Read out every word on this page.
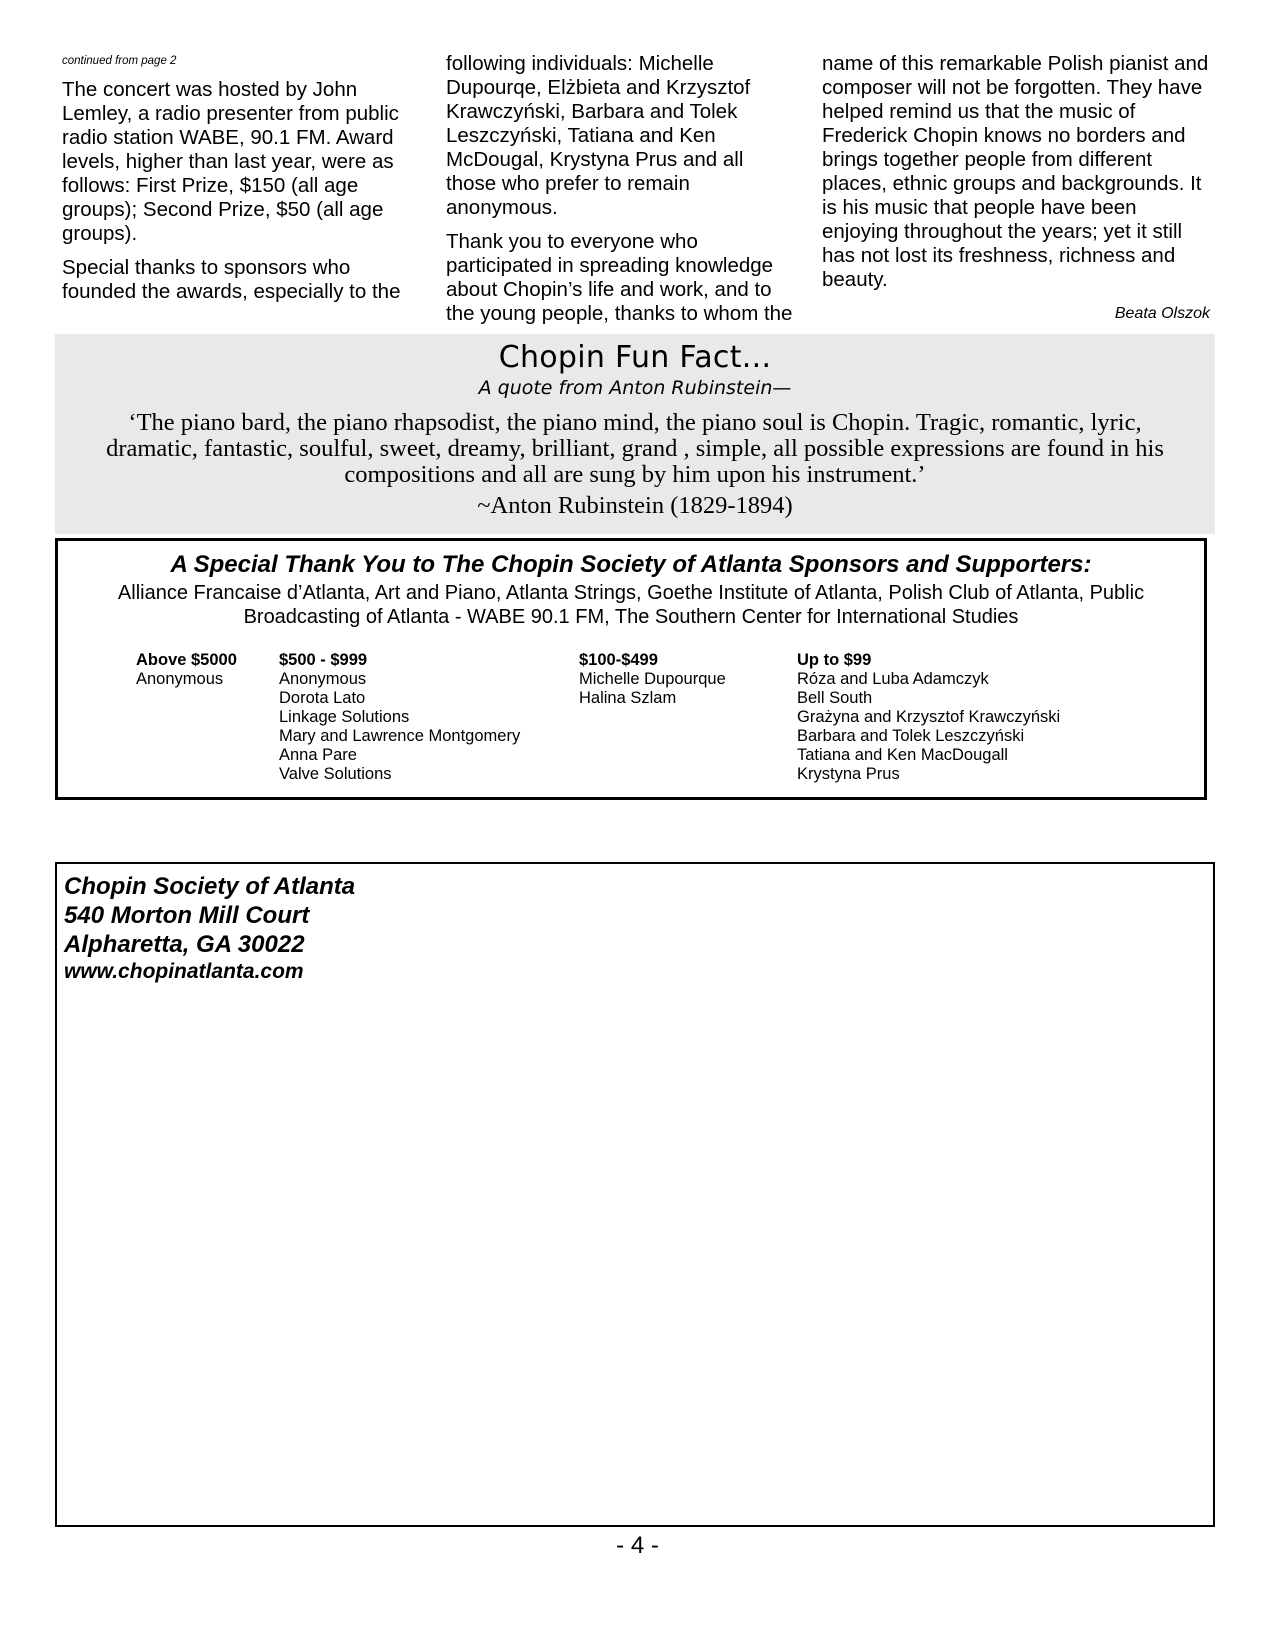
continued from page 2

The concert was hosted by John Lemley, a radio presenter from public radio station WABE, 90.1 FM. Award levels, higher than last year, were as follows: First Prize, $150 (all age groups); Second Prize, $50 (all age groups).

Special thanks to sponsors who founded the awards, especially to the

following individuals: Michelle Dupourqe, Elżbieta and Krzysztof Krawczyński, Barbara and Tolek Leszczyński, Tatiana and Ken McDougal, Krystyna Prus and all those who prefer to remain anonymous.

Thank you to everyone who participated in spreading knowledge about Chopin’s life and work, and to the young people, thanks to whom the

name of this remarkable Polish pianist and composer will not be forgotten. They have helped remind us that the music of Frederick Chopin knows no borders and brings together people from different places, ethnic groups and backgrounds. It is his music that people have been enjoying throughout the years; yet it still has not lost its freshness, richness and beauty.

Beata Olszok
Chopin Fun Fact...
A quote from Anton Rubinstein—
‘The piano bard, the piano rhapsodist, the piano mind, the piano soul is Chopin. Tragic, romantic, lyric, dramatic, fantastic, soulful, sweet, dreamy, brilliant, grand , simple, all possible expressions are found in his compositions and all are sung by him upon his instrument.’
~Anton Rubinstein (1829-1894)
A Special Thank You to The Chopin Society of Atlanta Sponsors and Supporters:
Alliance Francaise d’Atlanta, Art and Piano, Atlanta Strings, Goethe Institute of Atlanta, Polish Club of Atlanta, Public Broadcasting of Atlanta - WABE 90.1 FM, The Southern Center for International Studies
Above $5000
Anonymous
$500 - $999
Anonymous
Dorota Lato
Linkage Solutions
Mary and Lawrence Montgomery
Anna Pare
Valve Solutions
$100-$499
Michelle Dupourque
Halina Szlam
Up to $99
Róza and Luba Adamczyk
Bell South
Grażyna and Krzysztof Krawczyński
Barbara and Tolek Leszczyński
Tatiana and Ken MacDougall
Krystyna Prus
Chopin Society of Atlanta
540 Morton Mill Court
Alpharetta, GA 30022
www.chopinatlanta.com
- 4 -
